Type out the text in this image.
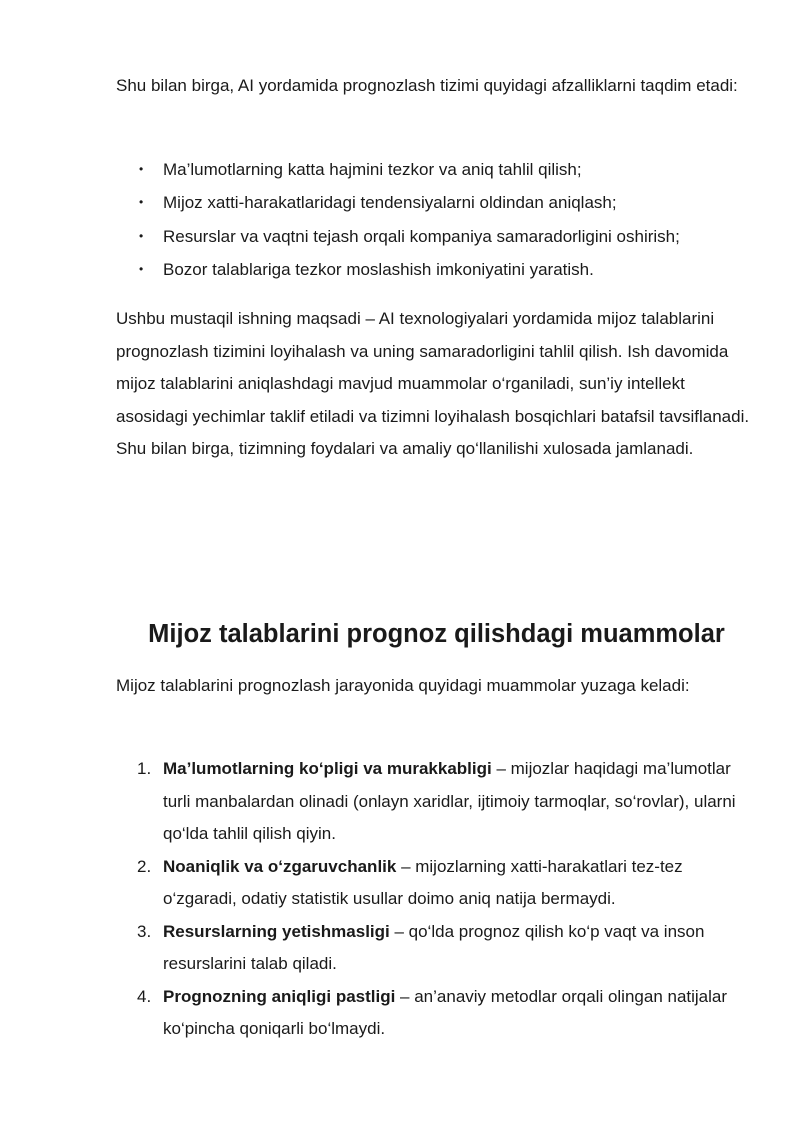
Shu bilan birga, AI yordamida prognozlash tizimi quyidagi afzalliklarni taqdim etadi:

• Ma’lumotlarning katta hajmini tezkor va aniq tahlil qilish;
• Mijoz xatti-harakatlaridagi tendensiyalarni oldindan aniqlash;
• Resurslar va vaqtni tejash orqali kompaniya samaradorligini oshirish;
• Bozor talablariga tezkor moslashish imkoniyatini yaratish.

Ushbu mustaqil ishning maqsadi – AI texnologiyalari yordamida mijoz talablarini prognozlash tizimini loyihalash va uning samaradorligini tahlil qilish. Ish davomida mijoz talablarini aniqlashdagi mavjud muammolar o‘rganiladi, sun’iy intellekt asosidagi yechimlar taklif etiladi va tizimni loyihalash bosqichlari batafsil tavsiflanadi. Shu bilan birga, tizimning foydalari va amaliy qo‘llanilishi xulosada jamlanadi.

Mijoz talablarini prognoz qilishdagi muammolar

Mijoz talablarini prognozlash jarayonida quyidagi muammolar yuzaga keladi:

1. Ma’lumotlarning ko‘pligi va murakkabligi – mijozlar haqidagi ma’lumotlar turli manbalardan olinadi (onlayn xaridlar, ijtimoiy tarmoqlar, so‘rovlar), ularni qo‘lda tahlil qilish qiyin.
2. Noaniqlik va o‘zgaruvchanlik – mijozlarning xatti-harakatlari tez-tez o‘zgaradi, odatiy statistik usullar doimo aniq natija bermaydi.
3. Resurslarning yetishmasligi – qo‘lda prognoz qilish ko‘p vaqt va inson resurslarini talab qiladi.
4. Prognozning aniqligi pastligi – an’anaviy metodlar orqali olingan natijalar ko‘pincha qoniqarli bo‘lmaydi.
